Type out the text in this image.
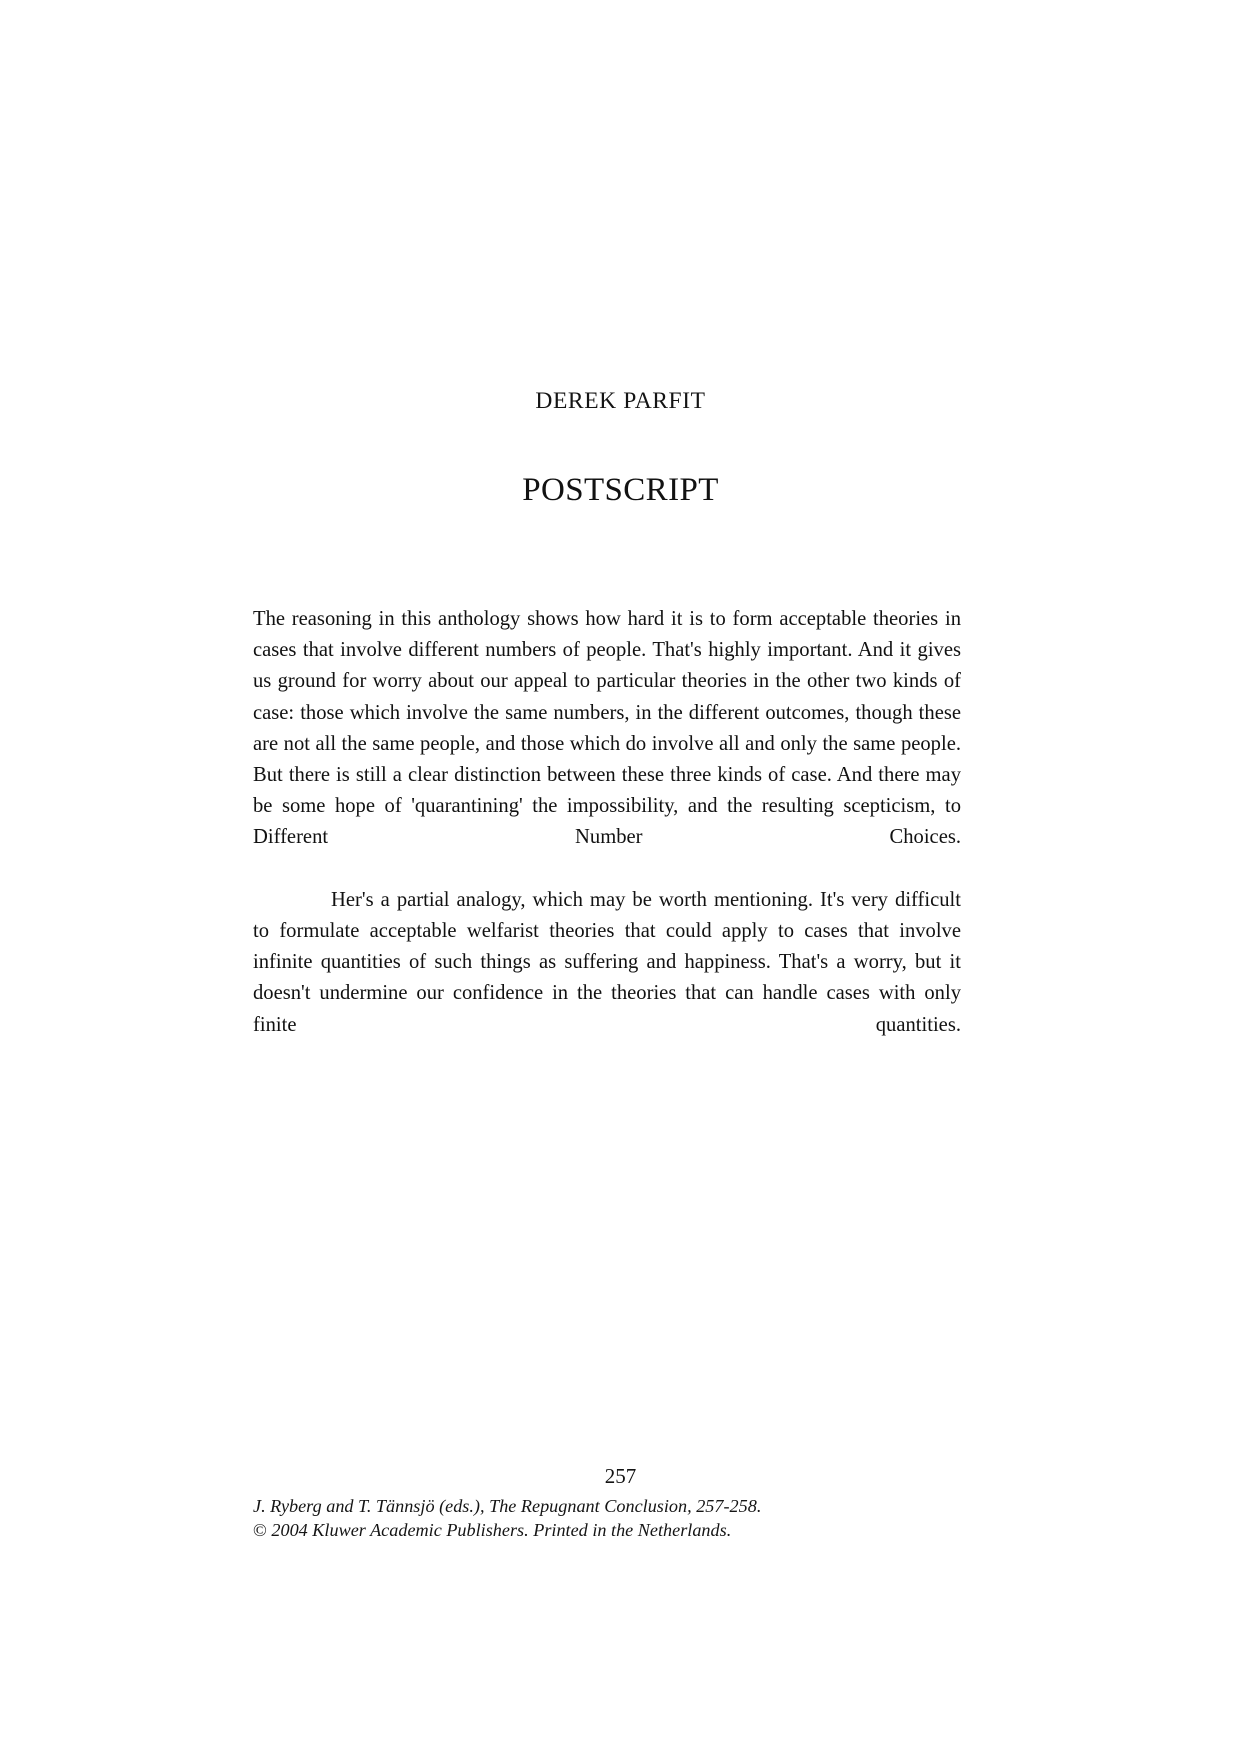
DEREK PARFIT
POSTSCRIPT

The reasoning in this anthology shows how hard it is to form acceptable theories in cases that involve different numbers of people. That's highly important. And it gives us ground for worry about our appeal to particular theories in the other two kinds of case: those which involve the same numbers, in the different outcomes, though these are not all the same people, and those which do involve all and only the same people. But there is still a clear distinction between these three kinds of case. And there may be some hope of 'quarantining' the impossibility, and the resulting scepticism, to Different Number Choices.

Her's a partial analogy, which may be worth mentioning. It's very difficult to formulate acceptable welfarist theories that could apply to cases that involve infinite quantities of such things as suffering and happiness. That's a worry, but it doesn't undermine our confidence in the theories that can handle cases with only finite quantities.

257
J. Ryberg and T. Tännsjö (eds.), The Repugnant Conclusion, 257-258.
© 2004 Kluwer Academic Publishers. Printed in the Netherlands.
